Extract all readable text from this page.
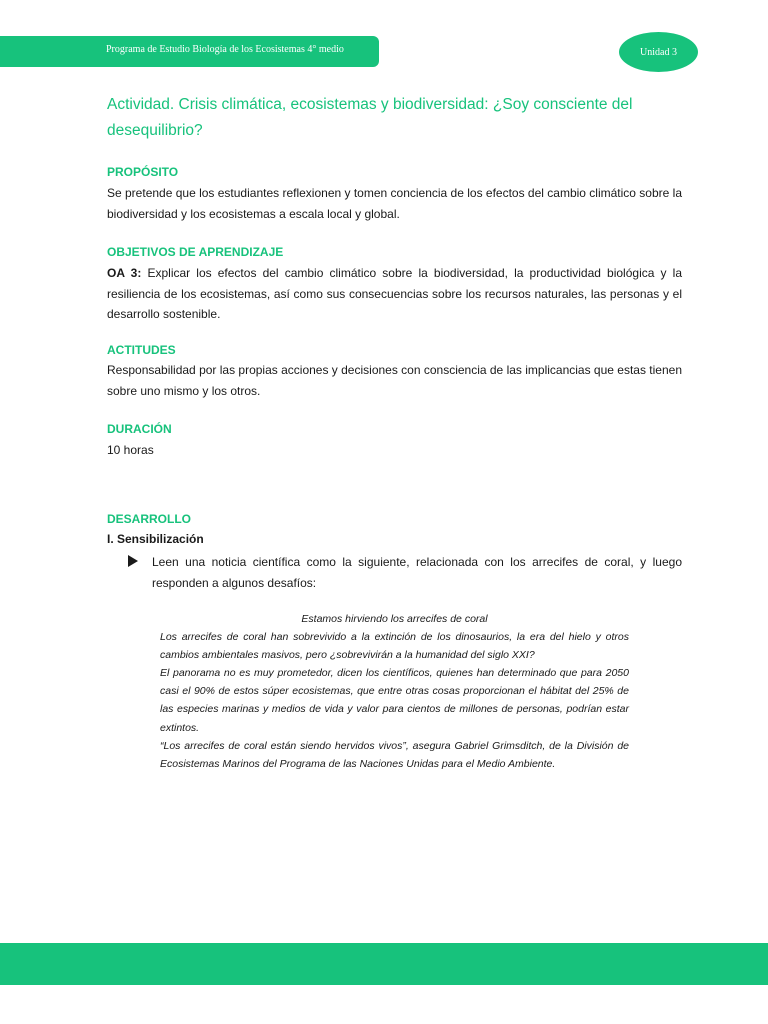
Programa de Estudio Biología de los Ecosistemas 4° medio	Unidad 3
Actividad. Crisis climática, ecosistemas y biodiversidad: ¿Soy consciente del desequilibrio?
PROPÓSITO

Se pretende que los estudiantes reflexionen y tomen conciencia de los efectos del cambio climático sobre la biodiversidad y los ecosistemas a escala local y global.

OBJETIVOS DE APRENDIZAJE

OA 3: Explicar los efectos del cambio climático sobre la biodiversidad, la productividad biológica y la resiliencia de los ecosistemas, así como sus consecuencias sobre los recursos naturales, las personas y el desarrollo sostenible.

ACTITUDES

Responsabilidad por las propias acciones y decisiones con consciencia de las implicancias que estas tienen sobre uno mismo y los otros.

DURACIÓN

10 horas

DESARROLLO

I. Sensibilización

Leen una noticia científica como la siguiente, relacionada con los arrecifes de coral, y luego responden a algunos desafíos:

Estamos hirviendo los arrecifes de coral

Los arrecifes de coral han sobrevivido a la extinción de los dinosaurios, la era del hielo y otros cambios ambientales masivos, pero ¿sobrevivirán a la humanidad del siglo XXI?

El panorama no es muy prometedor, dicen los científicos, quienes han determinado que para 2050 casi el 90% de estos súper ecosistemas, que entre otras cosas proporcionan el hábitat del 25% de las especies marinas y medios de vida y valor para cientos de millones de personas, podrían estar extintos.

“Los arrecifes de coral están siendo hervidos vivos”, asegura Gabriel Grimsditch, de la División de Ecosistemas Marinos del Programa de las Naciones Unidas para el Medio Ambiente.
